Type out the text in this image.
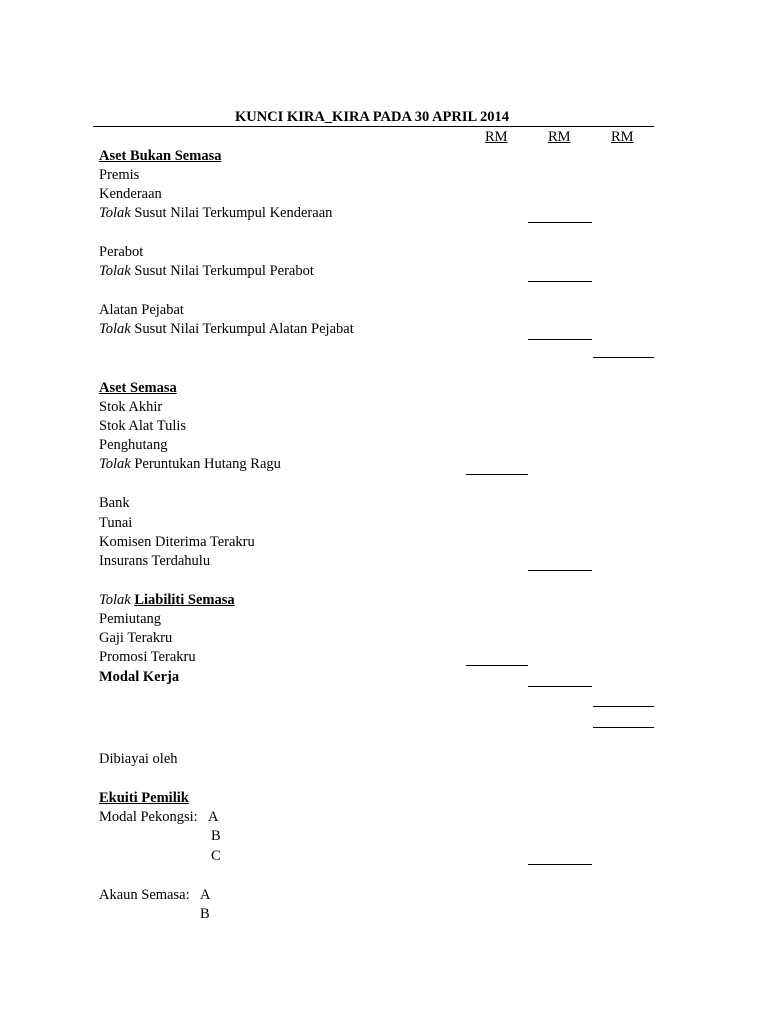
KUNCI KIRA_KIRA PADA 30 APRIL 2014
RM	RM	RM
Aset Bukan Semasa
Premis
Kenderaan
Tolak Susut Nilai Terkumpul Kenderaan
Perabot
Tolak Susut Nilai Terkumpul Perabot
Alatan Pejabat
Tolak Susut Nilai Terkumpul Alatan Pejabat
Aset Semasa
Stok Akhir
Stok Alat Tulis
Penghutang
Tolak Peruntukan Hutang Ragu
Bank
Tunai
Komisen Diterima Terakru
Insurans Terdahulu
Tolak Liabiliti Semasa
Pemiutang
Gaji Terakru
Promosi Terakru
Modal Kerja
Dibiayai oleh
Ekuiti Pemilik
Modal Pekongsi: A
B
C
Akaun Semasa: A
B
